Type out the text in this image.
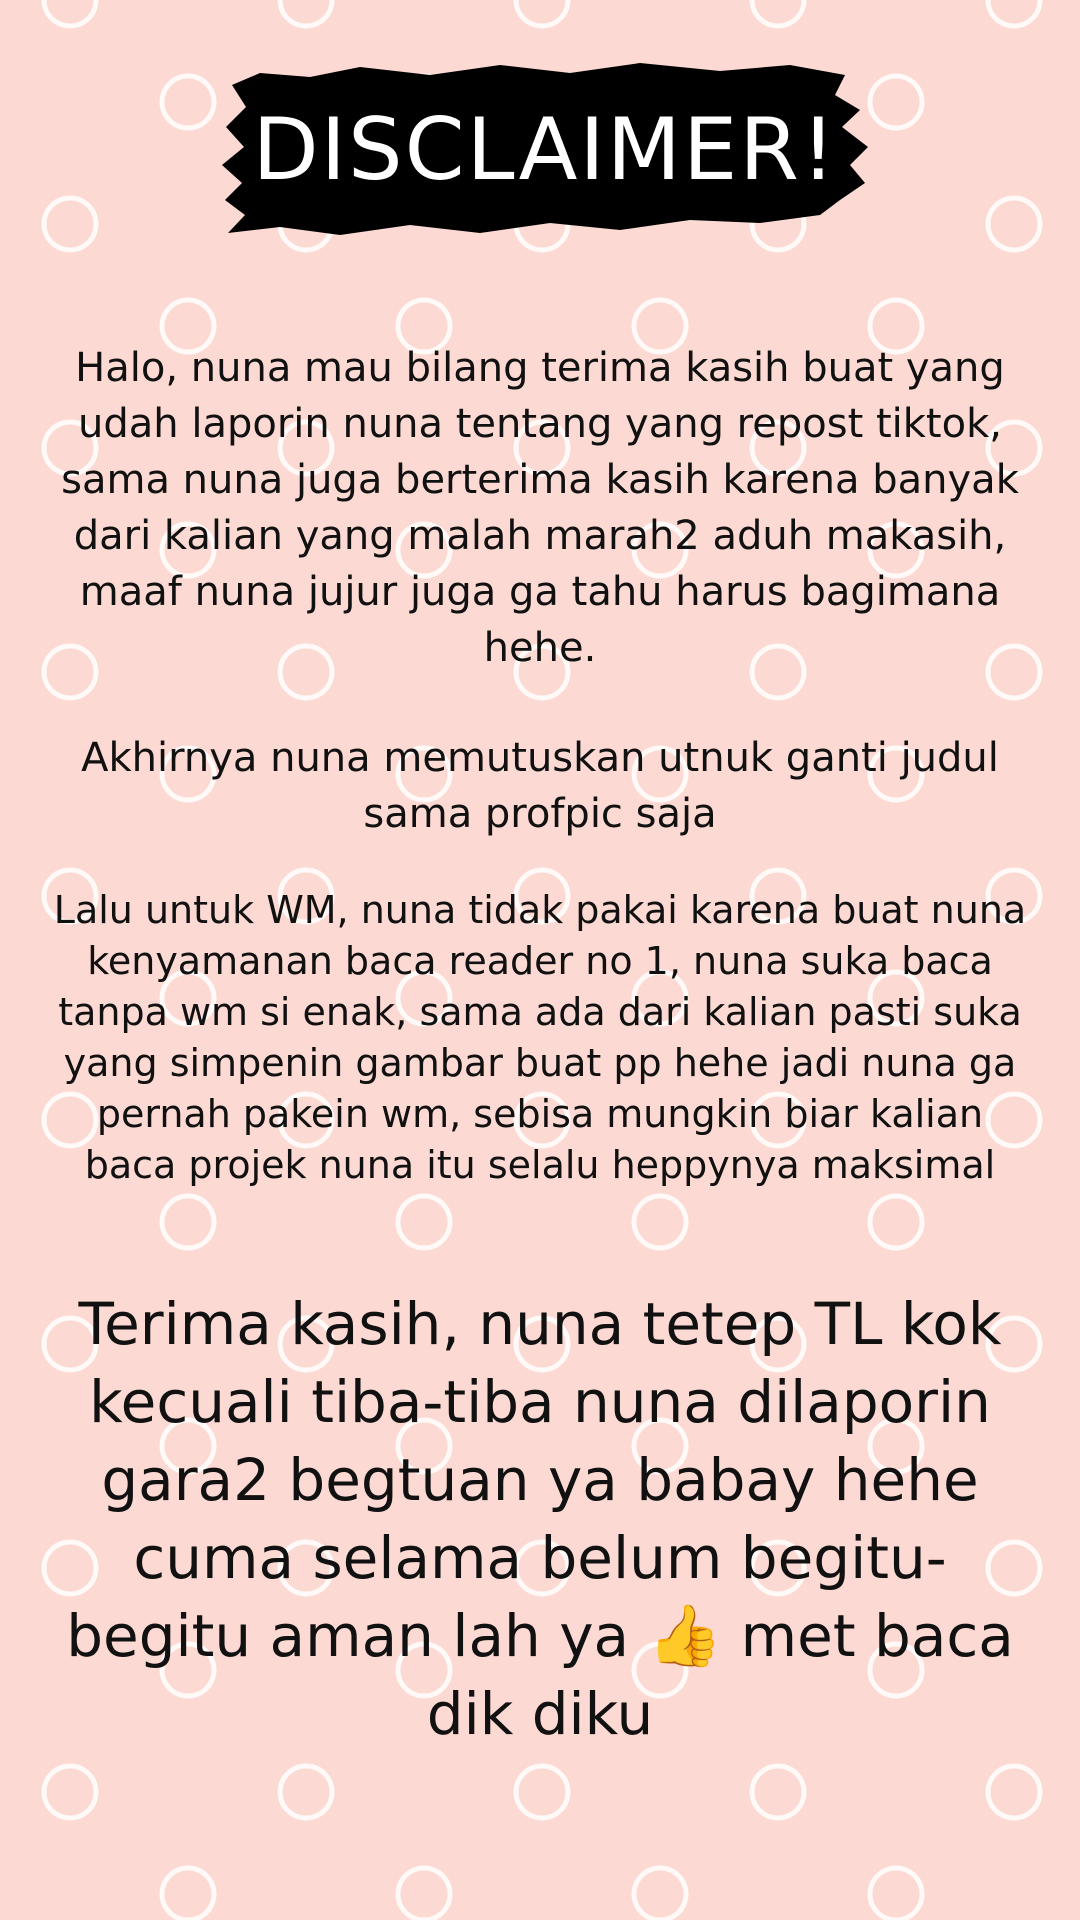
DISCLAIMER!

Halo, nuna mau bilang terima kasih buat yang udah laporin nuna tentang yang repost tiktok, sama nuna juga berterima kasih karena banyak dari kalian yang malah marah2 aduh makasih, maaf nuna jujur juga ga tahu harus bagimana hehe.

Akhirnya nuna memutuskan utnuk ganti judul sama profpic saja

Lalu untuk WM, nuna tidak pakai karena buat nuna kenyamanan baca reader no 1, nuna suka baca tanpa wm si enak, sama ada dari kalian pasti suka yang simpenin gambar buat pp hehe jadi nuna ga pernah pakein wm, sebisa mungkin biar kalian baca projek nuna itu selalu heppynya maksimal

Terima kasih, nuna tetep TL kok kecuali tiba-tiba nuna dilaporin gara2 begtuan ya babay hehe cuma selama belum begitu-begitu aman lah ya 👍 met baca dik diku
